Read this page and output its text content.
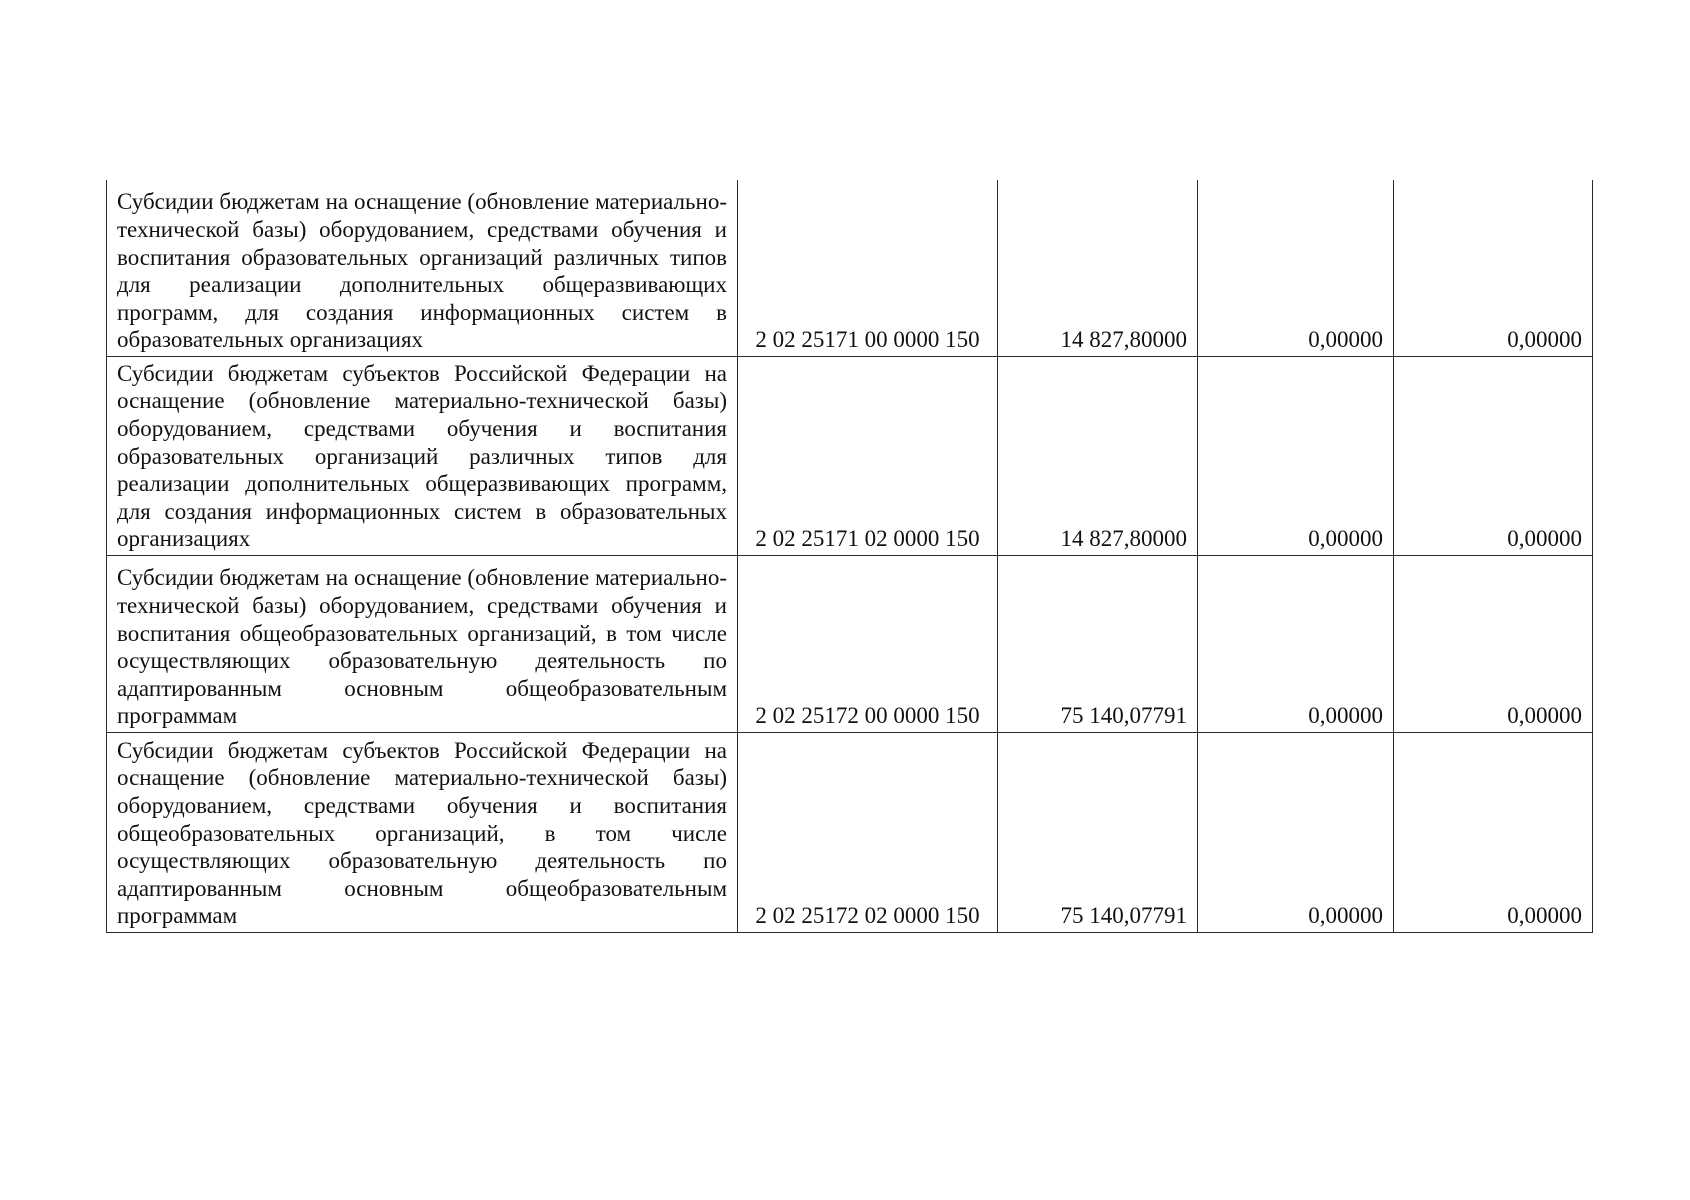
Субсидии бюджетам на оснащение (обновление материально-технической базы) оборудованием, средствами обучения и воспитания образовательных организаций различных типов для реализации дополнительных общеразвивающих программ, для создания информационных систем в образовательных организациях	2 02 25171 00 0000 150	14 827,80000	0,00000	0,00000
Субсидии бюджетам субъектов Российской Федерации на оснащение (обновление материально-технической базы) оборудованием, средствами обучения и воспитания образовательных организаций различных типов для реализации дополнительных общеразвивающих программ, для создания информационных систем в образовательных организациях	2 02 25171 02 0000 150	14 827,80000	0,00000	0,00000
Субсидии бюджетам на оснащение (обновление материально-технической базы) оборудованием, средствами обучения и воспитания общеобразовательных организаций, в том числе осуществляющих образовательную деятельность по адаптированным основным общеобразовательным программам	2 02 25172 00 0000 150	75 140,07791	0,00000	0,00000
Субсидии бюджетам субъектов Российской Федерации на оснащение (обновление материально-технической базы) оборудованием, средствами обучения и воспитания общеобразовательных организаций, в том числе осуществляющих образовательную деятельность по адаптированным основным общеобразовательным программам	2 02 25172 02 0000 150	75 140,07791	0,00000	0,00000
